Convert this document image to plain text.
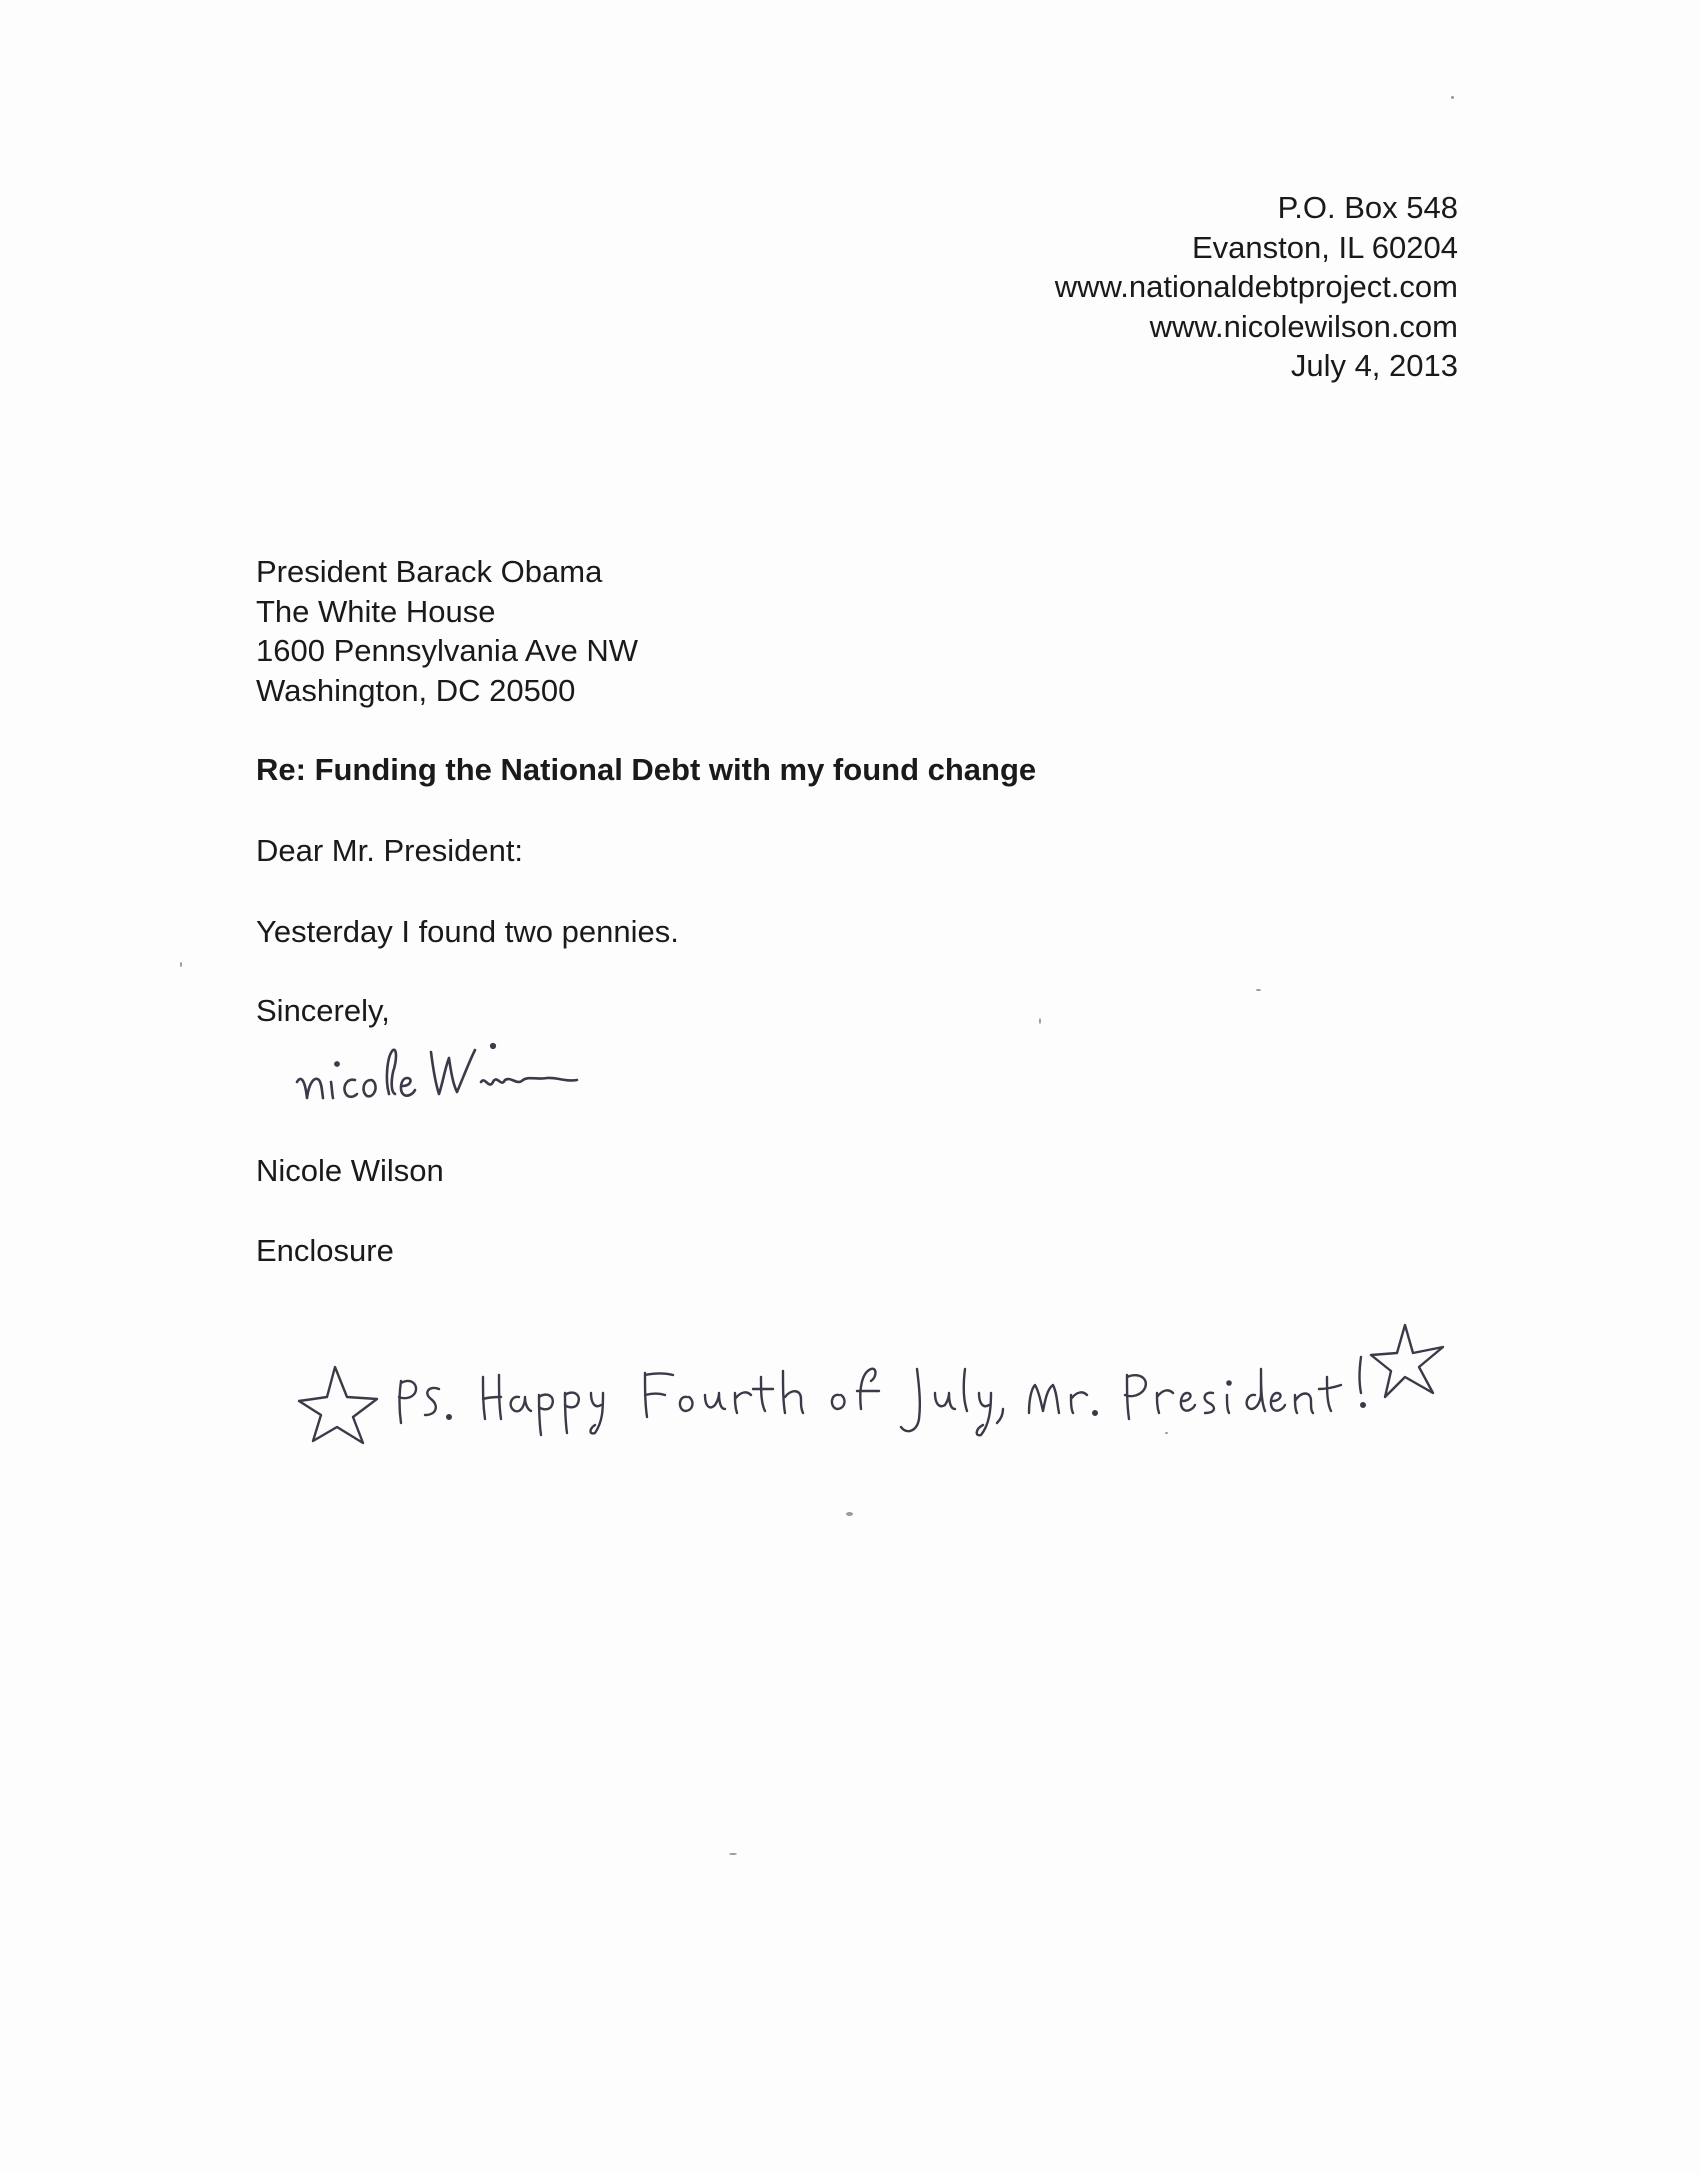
P.O. Box 548
Evanston, IL 60204
www.nationaldebtproject.com
www.nicolewilson.com
July 4, 2013
President Barack Obama
The White House
1600 Pennsylvania Ave NW
Washington, DC 20500
Re: Funding the National Debt with my found change
Dear Mr. President:
Yesterday I found two pennies.
Sincerely,
Nicole Wilson
Enclosure
